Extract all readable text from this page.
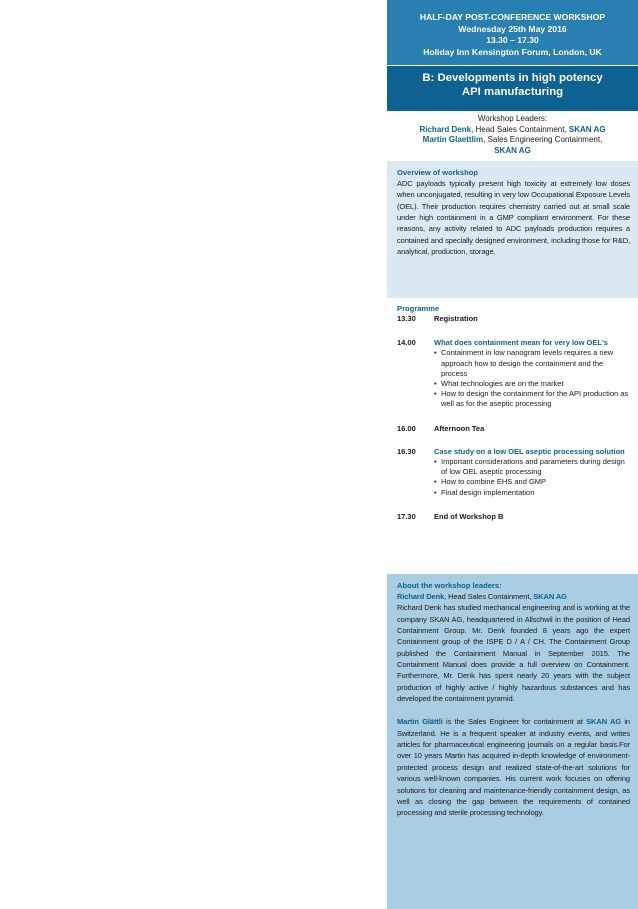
HALF-DAY POST-CONFERENCE WORKSHOP
Wednesday 25th May 2016
13.30 – 17.30
Holiday Inn Kensington Forum, London, UK
B: Developments in high potency
API manufacturing
Workshop Leaders:
Richard Denk, Head Sales Containment, SKAN AG
Martin Glaettlim, Sales Engineering Containment,
SKAN AG
Overview of workshop
ADC payloads typically present high toxicity at extremely low doses when unconjugated, resulting in very low Occupational Exposure Levels (OEL). Their production requires chemistry carried out at small scale under high containment in a GMP compliant environment. For these reasons, any activity related to ADC payloads production requires a contained and specially designed environment, including those for R&D, analytical, production, storage.
Programme
13.30	Registration
14.00	What does containment mean for very low OEL's
• Containment in low nanogram levels requires a new approach how to design the containment and the process
• What technologies are on the market
• How to design the containment for the API production as well as for the aseptic processing
16.00	Afternoon Tea
16.30	Case study on a low OEL aseptic processing solution
• Important considerations and parameters during design of low OEL aseptic processing
• How to combine EHS and GMP
• Final design implementation
17.30	End of Workshop B
About the workshop leaders:
Richard Denk, Head Sales Containment, SKAN AG
Richard Denk has studied mechanical engineering and is working at the company SKAN AG, headquartered in Allschwil in the position of Head Containment Group. Mr. Denk founded 8 years ago the expert Containment group of the ISPE D / A / CH. The Containment Group published the Containment Manual in September 2015. The Containment Manual does provide a full overview on Containment. Furthermore, Mr. Denk has spent nearly 20 years with the subject production of highly active / highly hazardous substances and has developed the containment pyramid.
Martin Glättli is the Sales Engineer for containment at SKAN AG in Switzerland. He is a frequent speaker at industry events, and writes articles for pharmaceutical engineering journals on a regular basis.For over 10 years Martin has acquired in-depth knowledge of environment-protected process design and realized state-of-the-art solutions for various well-known companies. His current work focuses on offering solutions for cleaning and maintenance-friendly containment design, as well as closing the gap between the requirements of contained processing and sterile processing technology.
